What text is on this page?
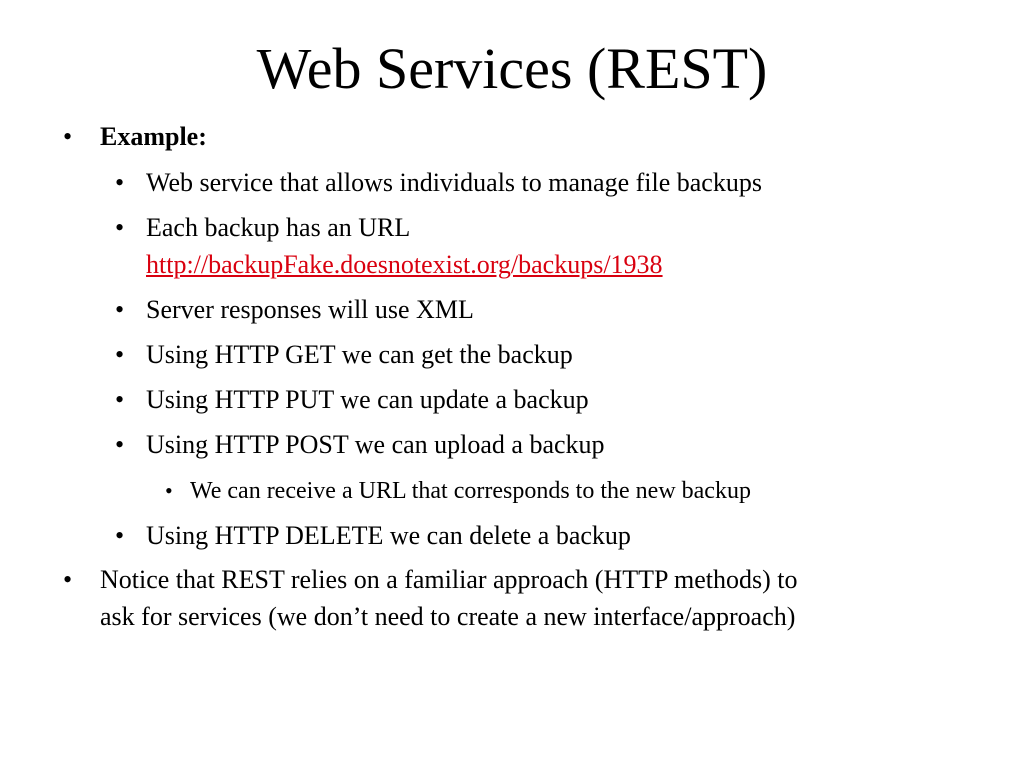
Web Services (REST)
• Example:
• Web service that allows individuals to manage file backups
• Each backup has an URL
http://backupFake.doesnotexist.org/backups/1938
• Server responses will use XML
• Using HTTP GET we can get the backup
• Using HTTP PUT we can update a backup
• Using HTTP POST we can upload a backup
• We can receive a URL that corresponds to the new backup
• Using HTTP DELETE we can delete a backup
• Notice that REST relies on a familiar approach (HTTP methods) to
ask for services (we don’t need to create a new interface/approach)
